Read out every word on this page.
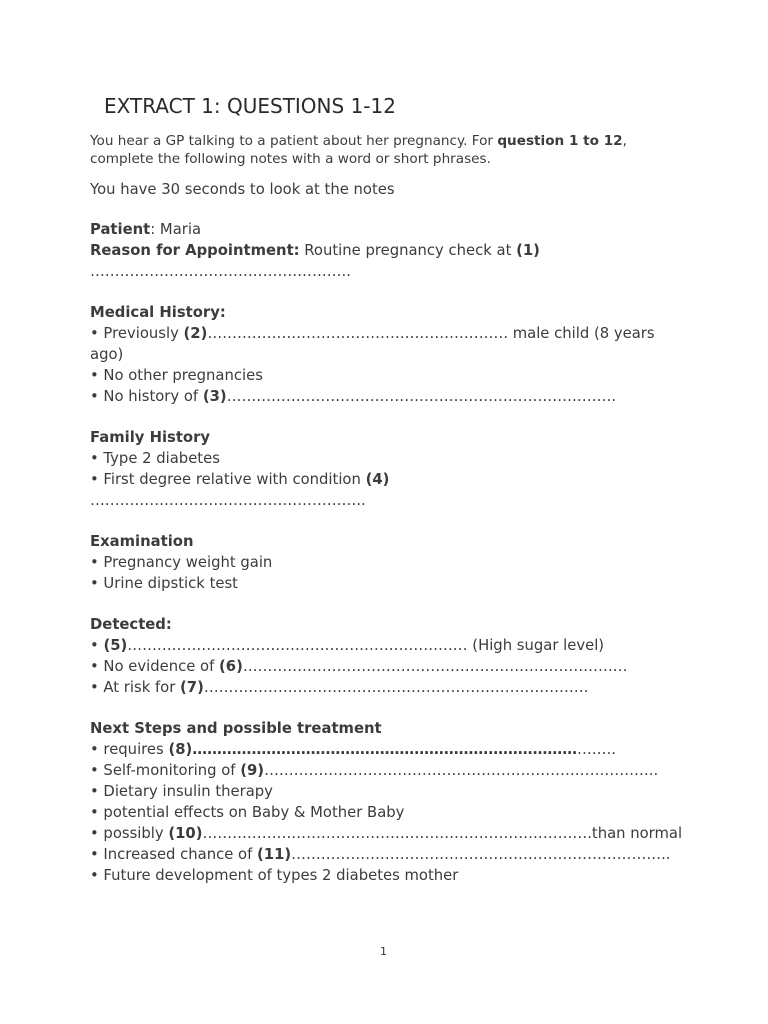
EXTRACT 1: QUESTIONS 1-12

You hear a GP talking to a patient about her pregnancy. For question 1 to 12, complete the following notes with a word or short phrases.

You have 30 seconds to look at the notes

Patient: Maria
Reason for Appointment: Routine pregnancy check at (1)
……………………………………………..
Medical History:
• Previously (2)……………………………………………………. male child (8 years ago)
• No other pregnancies
• No history of (3)…………………………………………………………………….
Family History
• Type 2 diabetes
• First degree relative with condition (4)
………………………………………………..
Examination
• Pregnancy weight gain
• Urine dipstick test
Detected:
• (5)…………………………………………………………… (High sugar level)
• No evidence of (6)……………………………………………………………………
• At risk for (7)……………………………………………………………………
Next Steps and possible treatment
• requires (8)…………………………………………………………………………..
• Self-monitoring of (9)……………………………………………………………………..
• Dietary insulin therapy
• potential effects on Baby & Mother Baby
• possibly (10)…………………………………………………………………….than normal
• Increased chance of (11)…………………………………………………………………..
• Future development of types 2 diabetes mother
1
